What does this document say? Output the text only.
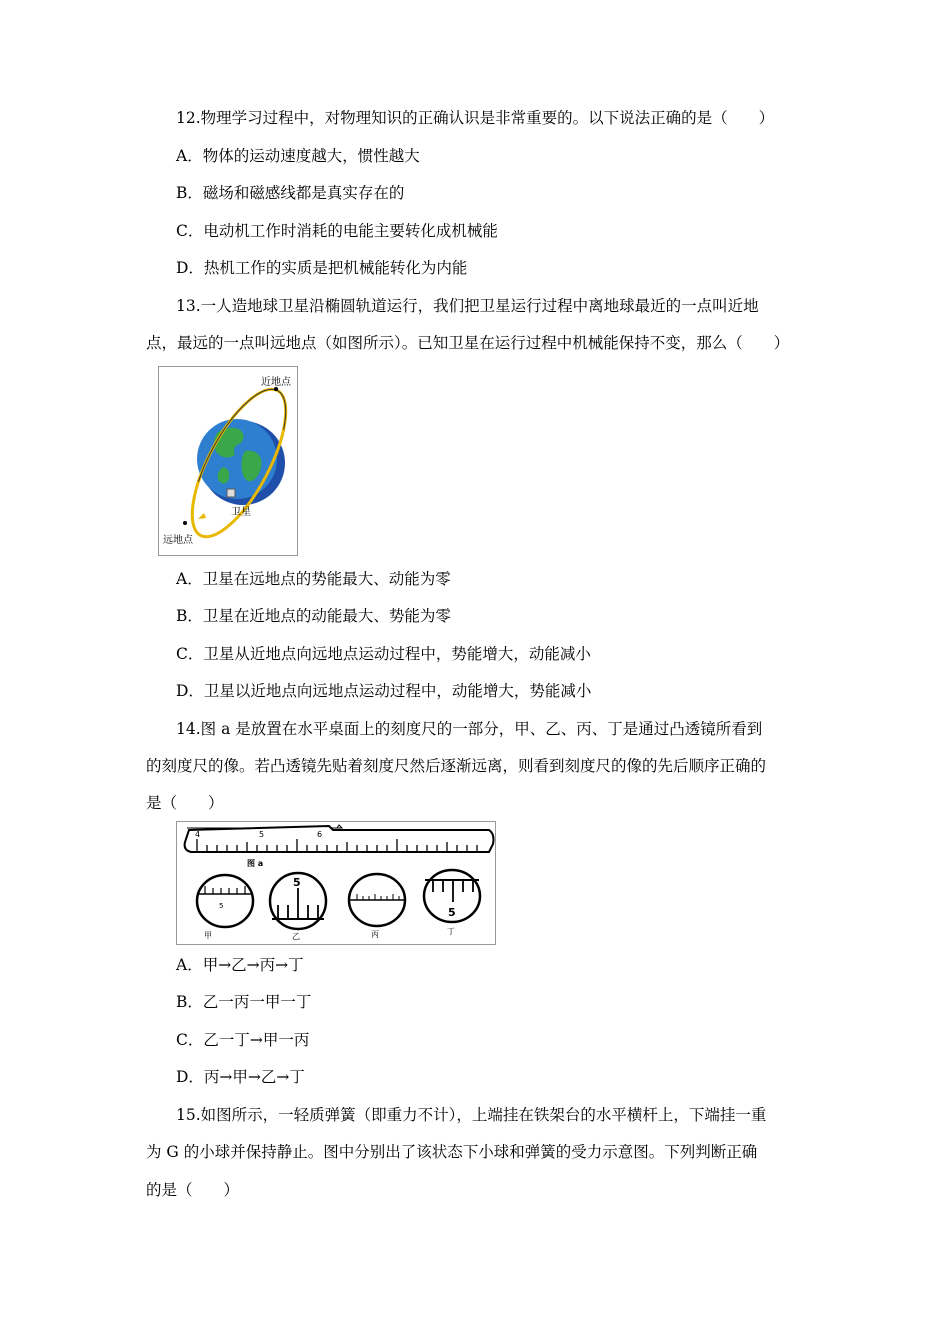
12.物理学习过程中，对物理知识的正确认识是非常重要的。以下说法正确的是（　　）
A．物体的运动速度越大，惯性越大
B．磁场和磁感线都是真实存在的
C．电动机工作时消耗的电能主要转化成机械能
D．热机工作的实质是把机械能转化为内能
13.一人造地球卫星沿椭圆轨道运行，我们把卫星运行过程中离地球最近的一点叫近地
点，最远的一点叫远地点（如图所示）。已知卫星在运行过程中机械能保持不变，那么（　　）
近地点
卫星
远地点
A．卫星在远地点的势能最大、动能为零
B．卫星在近地点的动能最大、势能为零
C．卫星从近地点向远地点运动过程中，势能增大，动能减小
D．卫星以近地点向远地点运动过程中，动能增大，势能减小
14.图 a 是放置在水平桌面上的刻度尺的一部分，甲、乙、丙、丁是通过凸透镜所看到
的刻度尺的像。若凸透镜先贴着刻度尺然后逐渐远离，则看到刻度尺的像的先后顺序正确的
是（　　）
4	5	6
图 a
5
甲
5
乙	丙
5
丁
A．甲→乙→丙→丁
B．乙一丙一甲一丁
C．乙一丁→甲一丙
D．丙→甲→乙→丁
15.如图所示，一轻质弹簧（即重力不计），上端挂在铁架台的水平横杆上，下端挂一重
为 G 的小球并保持静止。图中分别出了该状态下小球和弹簧的受力示意图。下列判断正确
的是（　　）
